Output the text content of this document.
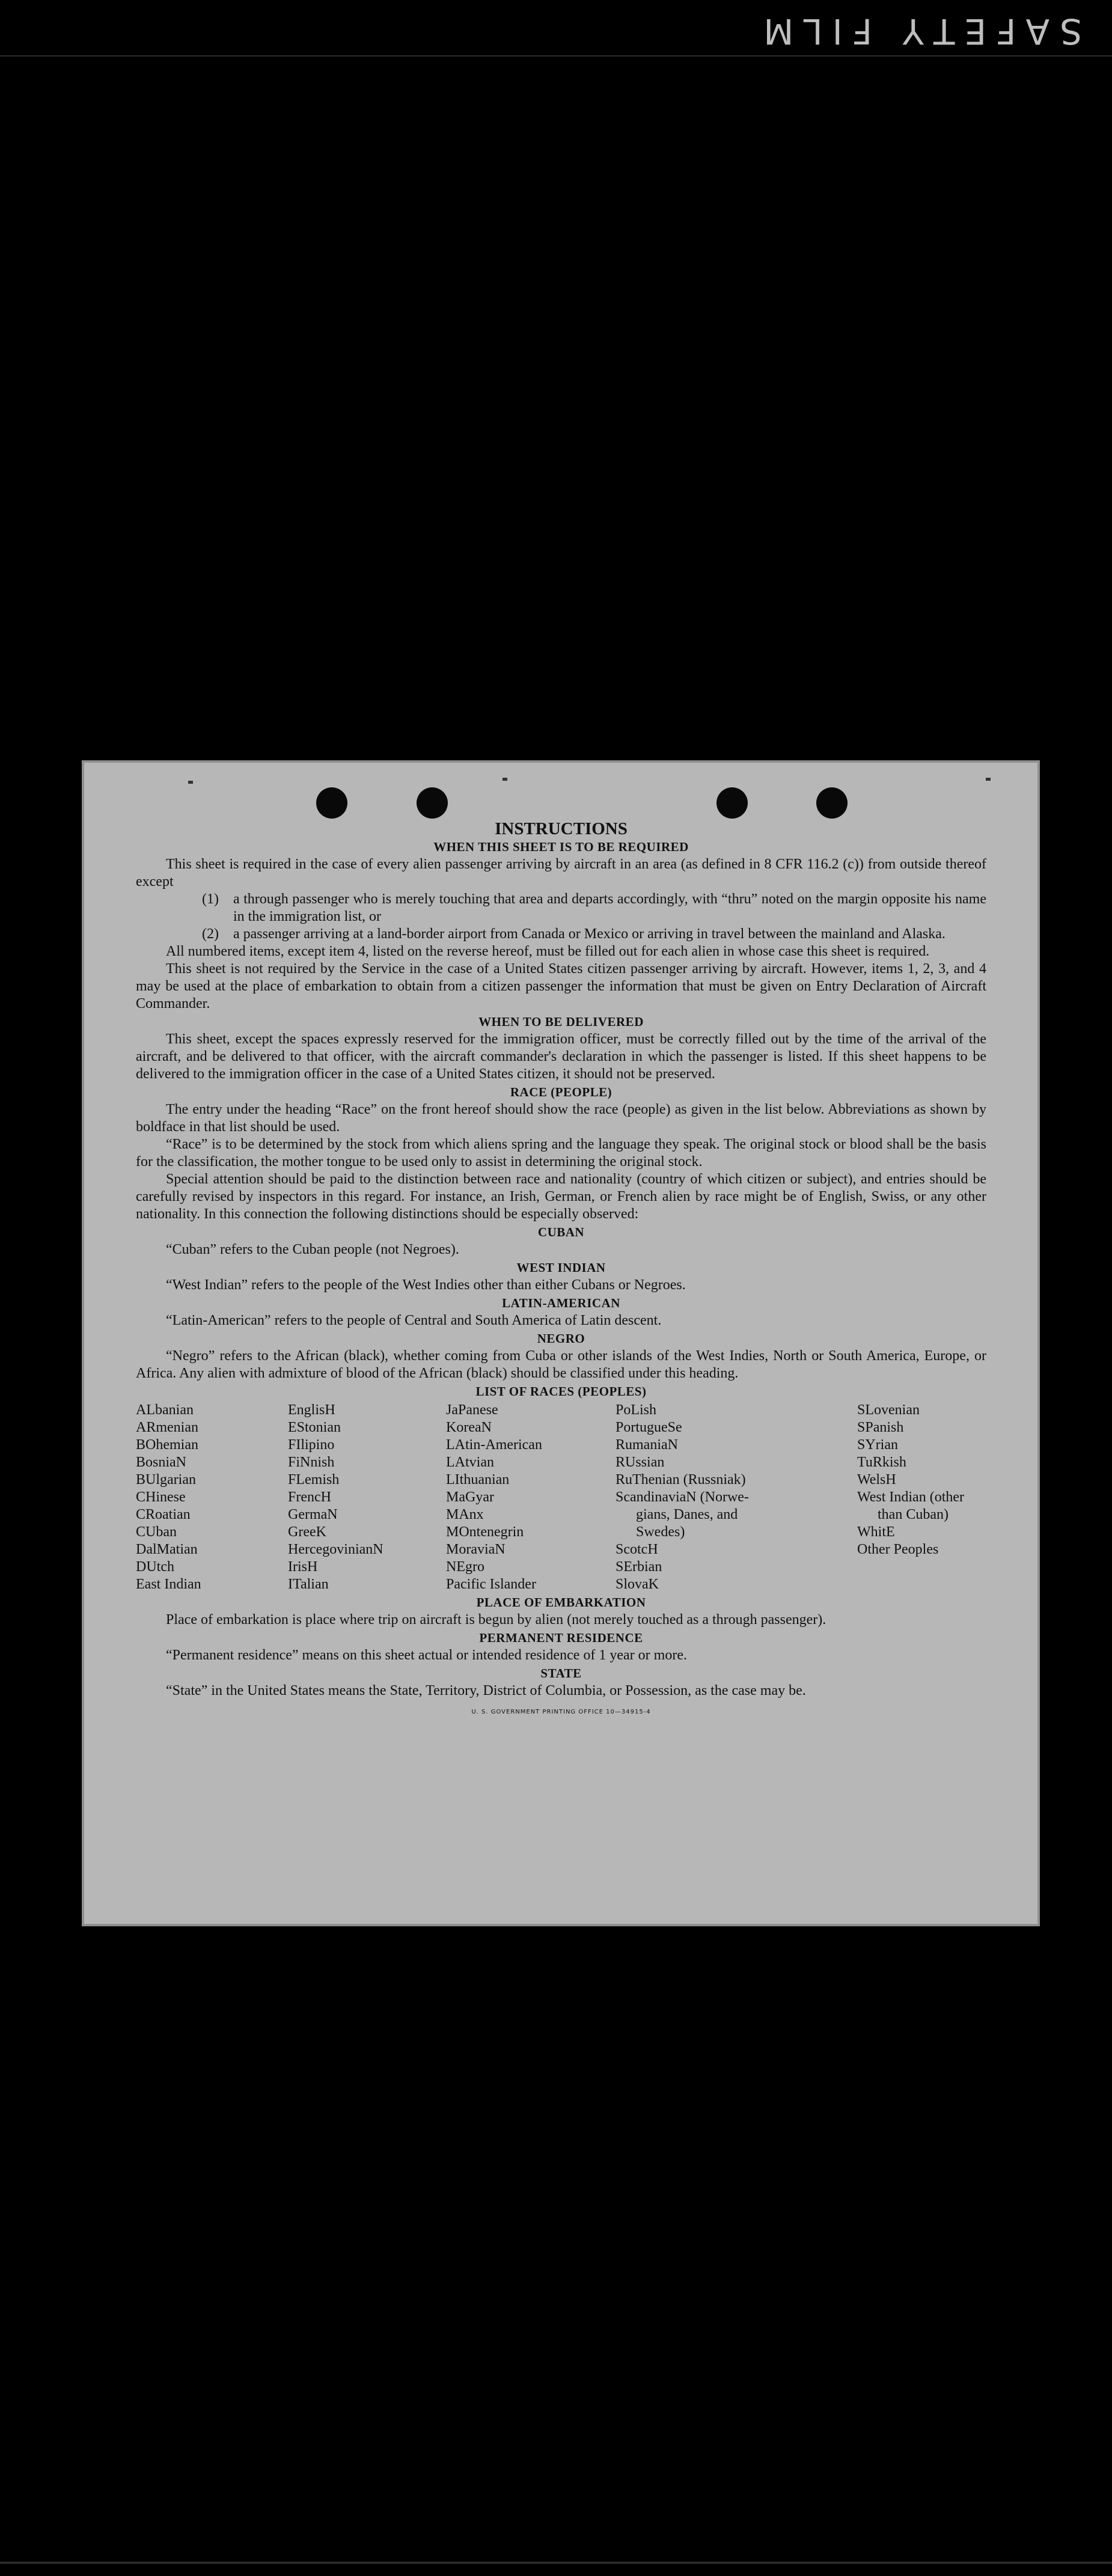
SAFETY FILM
INSTRUCTIONS
WHEN THIS SHEET IS TO BE REQUIRED

This sheet is required in the case of every alien passenger arriving by aircraft in an area (as defined in 8 CFR 116.2 (c)) from outside thereof except

(1)	a through passenger who is merely touching that area and departs accordingly, with “thru” noted on the margin opposite his name in the immigration list, or
(2)	a passenger arriving at a land-border airport from Canada or Mexico or arriving in travel between the mainland and Alaska.

All numbered items, except item 4, listed on the reverse hereof, must be filled out for each alien in whose case this sheet is required.

This sheet is not required by the Service in the case of a United States citizen passenger arriving by aircraft. However, items 1, 2, 3, and 4 may be used at the place of embarkation to obtain from a citizen passenger the information that must be given on Entry Declaration of Aircraft Commander.

WHEN TO BE DELIVERED

This sheet, except the spaces expressly reserved for the immigration officer, must be correctly filled out by the time of the arrival of the aircraft, and be delivered to that officer, with the aircraft commander's declaration in which the passenger is listed. If this sheet happens to be delivered to the immigration officer in the case of a United States citizen, it should not be preserved.

RACE (PEOPLE)

The entry under the heading “Race” on the front hereof should show the race (people) as given in the list below. Abbreviations as shown by boldface in that list should be used.

“Race” is to be determined by the stock from which aliens spring and the language they speak. The original stock or blood shall be the basis for the classification, the mother tongue to be used only to assist in determining the original stock.

Special attention should be paid to the distinction between race and nationality (country of which citizen or subject), and entries should be carefully revised by inspectors in this regard. For instance, an Irish, German, or French alien by race might be of English, Swiss, or any other nationality. In this connection the following distinctions should be especially observed:

CUBAN

“Cuban” refers to the Cuban people (not Negroes).

WEST INDIAN

“West Indian” refers to the people of the West Indies other than either Cubans or Negroes.

LATIN-AMERICAN

“Latin-American” refers to the people of Central and South America of Latin descent.

NEGRO

“Negro” refers to the African (black), whether coming from Cuba or other islands of the West Indies, North or South America, Europe, or Africa. Any alien with admixture of blood of the African (black) should be classified under this heading.

LIST OF RACES (PEOPLES)
ALbanian
ARmenian
BOhemian
BosniaN
BUlgarian
CHinese
CRoatian
CUban
DalMatian
DUtch
East Indian
EnglisH
EStonian
FIlipino
FiNnish
FLemish
FrencH
GermaN
GreeK
HercegovinianN
IrisH
ITalian
JaPanese
KoreaN
LAtin-American
LAtvian
LIthuanian
MaGyar
MAnx
MOntenegrin
MoraviaN
NEgro
Pacific Islander
PoLish
PortugueSe
RumaniaN
RUssian
RuThenian (Russniak)
ScandinaviaN (Norwe-
gians, Danes, and
Swedes)
ScotcH
SErbian
SlovaK
SLovenian
SPanish
SYrian
TuRkish
WelsH
West Indian (other
than Cuban)
WhitE
Other Peoples
PLACE OF EMBARKATION

Place of embarkation is place where trip on aircraft is begun by alien (not merely touched as a through passenger).

PERMANENT RESIDENCE

“Permanent residence” means on this sheet actual or intended residence of 1 year or more.

STATE

“State” in the United States means the State, Territory, District of Columbia, or Possession, as the case may be.

U. S. GOVERNMENT PRINTING OFFICE 10—34915-4
